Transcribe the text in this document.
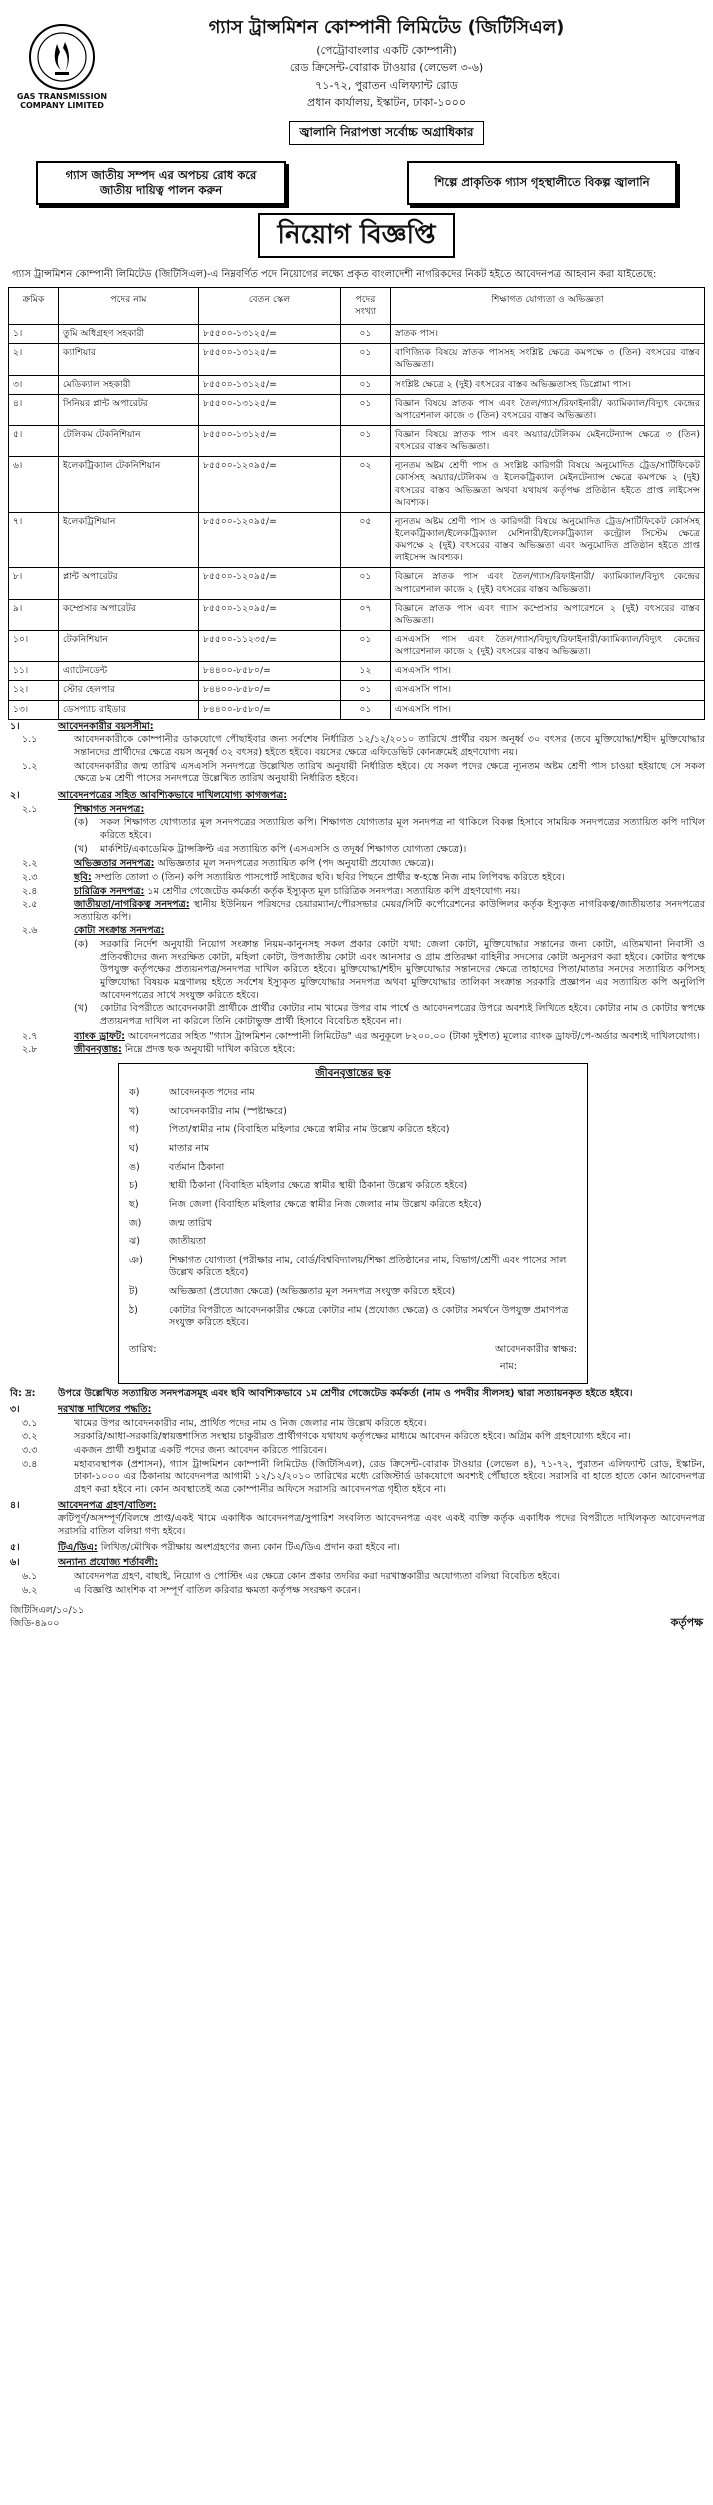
GAS TRANSMISSION COMPANY LIMITED
গ্যাস ট্রান্সমিশন কোম্পানী লিমিটেড (জিটিসিএল)
(পেট্রোবাংলার একটি কোম্পানী)
রেড ক্রিসেন্ট-বোরাক টাওয়ার (লেভেল ৩-৬)
৭১-৭২, পুরাতন এলিফ্যান্ট রোড
প্রধান কার্যালয়, ইস্কাটন, ঢাকা-১০০০
জ্বালানি নিরাপত্তা সর্বোচ্চ অগ্রাধিকার
গ্যাস জাতীয় সম্পদ এর অপচয় রোধ করে জাতীয় দায়িত্ব পালন করুন
শিল্পে প্রাকৃতিক গ্যাস গৃহস্থালীতে বিকল্প জ্বালানি
নিয়োগ বিজ্ঞপ্তি
গ্যাস ট্রান্সমিশন কোম্পানী লিমিটেড (জিটিসিএল)-এ নিম্নবর্ণিত পদে নিয়োগের লক্ষ্যে প্রকৃত বাংলাদেশী নাগরিকদের নিকট হইতে আবেদনপত্র আহবান করা যাইতেছে:
ক্রমিক	পদের নাম	বেতন স্কেল	পদের সংখ্যা	শিক্ষাগত যোগ্যতা ও অভিজ্ঞতা
১।	তুমি অধিগ্রহণ সহকারী	৮৫৫০০-১৩১২৫/=	০১	স্নাতক পাস।
২।	ক্যাশিয়ার	৮৫৫০০-১৩১২৫/=	০১	বাণিজ্যিক বিষয়ে স্নাতক পাসসহ সংশ্লিষ্ট ক্ষেত্রে কমপক্ষে ৩ (তিন) বৎসরের বাস্তব অভিজ্ঞতা।
৩।	মেডিক্যাল সহকারী	৮৫৫০০-১৩১২৫/=	০১	সংশ্লিষ্ট ক্ষেত্রে ২ (দুই) বৎসরের বাস্তব অভিজ্ঞতাসহ ডিপ্লোমা পাস।
৪।	সিনিয়র প্লান্ট অপারেটর	৮৫৫০০-১৩১২৫/=	০১	বিজ্ঞান বিষয়ে স্নাতক পাস এবং তৈল/গ্যাস/রিফাইনারী/ ক্যামিক্যাল/বিদ্যুৎ কেন্দ্রের অপারেশনাল কাজে ৩ (তিন) বৎসরের বাস্তব অভিজ্ঞতা।
৫।	টেলিকম টেকনিশিয়ান	৮৫৫০০-১৩১২৫/=	০১	বিজ্ঞান বিষয়ে স্নাতক পাস এবং অয়্যার/টেলিকম মেইনটেন্যান্স ক্ষেত্রে ৩ (তিন) বৎসরের বাস্তব অভিজ্ঞতা।
৬।	ইলেকট্রিক্যাল টেকনিশিয়ান	৮৫৫০০-১২০৯৫/=	০২	ন্যূনতম অষ্টম শ্রেণী পাস ও সংশ্লিষ্ট কারিগরী বিষয়ে অনুমোদিত ট্রেড/সার্টিফিকেট কোর্সসহ অয়্যার/টেলিকম ও ইলেকট্রিক্যাল মেইনটেন্যান্স ক্ষেত্রে কমপক্ষে ২ (দুই) বৎসরের বাস্তব অভিজ্ঞতা অথবা যথাযথ কর্তৃপক্ষ প্রতিষ্ঠান হইতে প্রাপ্ত লাইসেন্স আবশ্যক।
৭।	ইলেকট্রিশিয়ান	৮৫৫০০-১২০৯৫/=	০৫	ন্যূনতম অষ্টম শ্রেণী পাস ও কারিগরী বিষয়ে অনুমোদিত ট্রেড/সার্টিফিকেট কোর্সসহ ইলেকট্রিক্যাল/ইলেকট্রিক্যাল মেশিনারী/ইলেকট্রিক্যাল কন্ট্রোল সিস্টেম ক্ষেত্রে কমপক্ষে ২ (দুই) বৎসরের বাস্তব অভিজ্ঞতা এবং অনুমোদিত প্রতিষ্ঠান হইতে প্রাপ্ত লাইসেন্স আবশ্যক।
৮।	প্লান্ট অপারেটর	৮৫৫০০-১২০৯৫/=	০১	বিজ্ঞানে স্নাতক পাস এবং তৈল/গ্যাস/রিফাইনারী/ ক্যামিক্যাল/বিদ্যুৎ কেন্দ্রের অপারেশনাল কাজে ২ (দুই) বৎসরের বাস্তব অভিজ্ঞতা।
৯।	কম্প্রেসার অপারেটর	৮৫৫০০-১২০৯৫/=	০৭	বিজ্ঞানে স্নাতক পাস এবং গ্যাস কম্প্রেসার অপারেশনে ২ (দুই) বৎসরের বাস্তব অভিজ্ঞতা।
১০।	টেকনিশিয়ান	৮৫৫০০-১১২৩৫/=	০১	এসএসসি পাস এবং তৈল/গ্যাস/বিদ্যুৎ/রিফাইনারী/ক্যামিক্যাল/বিদ্যুৎ কেন্দ্রের অপারেশনাল কাজে ২ (দুই) বৎসরের বাস্তব অভিজ্ঞতা।
১১।	এ্যাটেনডেন্ট	৮৪৪০০-৮৫৮০/=	১২	এসএসসি পাস।
১২।	স্টোর হেলপার	৮৪৪০০-৮৫৮০/=	০১	এসএসসি পাস।
১৩।	ডেসপ্যাচ রাইডার	৮৪৪০০-৮৫৮০/=	০১	এসএসসি পাস।
১।	আবেদনকারীর বয়সসীমা:
১.১	আবেদনকারীকে কোম্পানীর ডাকযোগে পৌছাইবার জন্য সর্বশেষ নির্ধারিত ১২/১২/২০১০ তারিখে প্রার্থীর বয়স অনূর্ধ্ব ৩০ বৎসর (তবে মুক্তিযোদ্ধা/শহীদ মুক্তিযোদ্ধার সন্তানদের প্রার্থীদের ক্ষেত্রে বয়স অনূর্ধ্ব ৩২ বৎসর) হইতে হইবে। বয়সের ক্ষেত্রে এফিডেভিট কোনক্রমেই গ্রহণযোগ্য নয়।
১.২	আবেদনকারীর জন্ম তারিখ এসএসসি সনদপত্রে উল্লেখিত তারিখ অনুযায়ী নির্ধারিত হইবে। যে সকল পদের ক্ষেত্রে ন্যূনতম অষ্টম শ্রেণী পাস চাওয়া হইয়াছে সে সকল ক্ষেত্রে ৮ম শ্রেণী পাসের সনদপত্রে উল্লেখিত তারিখ অনুযায়ী নির্ধারিত হইবে।
২।	আবেদনপত্রের সহিত আবশ্যিকভাবে দাখিলযোগ্য কাগজপত্র:
২.১	শিক্ষাগত সনদপত্র:
(ক)	সকল শিক্ষাগত যোগ্যতার মূল সনদপত্রের সত্যায়িত কপি। শিক্ষাগত যোগ্যতার মূল সনদপত্র না থাকিলে বিকল্প হিসাবে সাময়িক সনদপত্রের সত্যায়িত কপি দাখিল করিতে হইবে।
(খ)	মার্কশিট/একাডেমিক ট্রান্সক্রিপ্ট এর সত্যায়িত কপি (এসএসসি ও তদূর্ধ্ব শিক্ষাগত যোগ্যতা ক্ষেত্রে)।
২.২	অভিজ্ঞতার সনদপত্র: অভিজ্ঞতার মূল সনদপত্রের সত্যায়িত কপি (পদ অনুযায়ী প্রযোজ্য ক্ষেত্রে)।
২.৩	ছবি: সম্প্রতি তোলা ৩ (তিন) কপি সত্যায়িত পাসপোর্ট সাইজের ছবি। ছবির পিছনে প্রার্থীর স্ব-হস্তে নিজ নাম লিপিবদ্ধ করিতে হইবে।
২.৪	চারিত্রিক সনদপত্র: ১ম শ্রেণীর গেজেটেড কর্মকর্তা কর্তৃক ইস্যুকৃত মূল চারিত্রিক সনদপত্র। সত্যায়িত কপি গ্রহণযোগ্য নয়।
২.৫	জাতীয়তা/নাগরিকত্ব সনদপত্র: স্থানীয় ইউনিয়ন পরিষদের চেয়ারম্যান/পৌরসভার মেয়র/সিটি কর্পোরেশনের কাউন্সিলর কর্তৃক ইস্যুকৃত নাগরিকত্ব/জাতীয়তার সনদপত্রের সত্যায়িত কপি।
২.৬	কোটা সংক্রান্ত সনদপত্র:
(ক)	সরকারি নির্দেশ অনুযায়ী নিয়োগ সংক্রান্ত নিয়ম-কানুনসহ সকল প্রকার কোটা যথা: জেলা কোটা, মুক্তিযোদ্ধার সন্তানের জন্য কোটা, এতিমখানা নিবাসী ও প্রতিবন্ধীদের জন্য সংরক্ষিত কোটা, মহিলা কোটা, উপজাতীয় কোটা এবং আনসার ও গ্রাম প্রতিরক্ষা বাহিনীর সদস্যের কোটা অনুসরণ করা হইবে। কোটার স্বপক্ষে উপযুক্ত কর্তৃপক্ষের প্রত্যয়নপত্র/সনদপত্র দাখিল করিতে হইবে। মুক্তিযোদ্ধা/শহীদ মুক্তিযোদ্ধার সন্তানদের ক্ষেত্রে তাহাদের পিতা/মাতার সনদের সত্যায়িত কপিসহ মুক্তিযোদ্ধা বিষয়ক মন্ত্রণালয় হইতে সর্বশেষ ইস্যুকৃত মুক্তিযোদ্ধার সনদপত্র অথবা মুক্তিযোদ্ধার তালিকা সংক্রান্ত সরকারি প্রজ্ঞাপন এর সত্যায়িত কপি অনুলিপি আবেদনপত্রের সাথে সংযুক্ত করিতে হইবে।
(খ)	কোটার বিপরীতে আবেদনকারী প্রার্থীকে প্রার্থীর কোটার নাম খামের উপর বাম পার্শ্বে ও আবেদনপত্রের উপরে অবশ্যই লিখিতে হইবে। কোটার নাম ও কোটার স্বপক্ষে প্রত্যয়নপত্র দাখিল না করিলে তিনি কোটাভুক্ত প্রার্থী হিসাবে বিবেচিত হইবেন না।
২.৭	ব্যাংক ড্রাফট: আবেদনপত্রের সহিত "গ্যাস ট্রান্সমিশন কোম্পানী লিমিটেড" এর অনুকূলে ৮২০০.০০ (টাকা দুইশত) মূল্যের ব্যাংক ড্রাফট/পে-অর্ডার অবশ্যই দাখিলযোগ্য।
২.৮	জীবনবৃত্তান্ত: নিম্নে প্রদত্ত ছক অনুযায়ী দাখিল করিতে হইবে:
জীবনবৃত্তান্তের ছক
ক)	আবেদনকৃত পদের নাম
খ)	আবেদনকারীর নাম (স্পষ্টাক্ষরে)
গ)	পিতা/স্বামীর নাম (বিবাহিত মহিলার ক্ষেত্রে স্বামীর নাম উল্লেখ করিতে হইবে)
ঘ)	মাতার নাম
ঙ)	বর্তমান ঠিকানা
চ)	স্থায়ী ঠিকানা (বিবাহিত মহিলার ক্ষেত্রে স্বামীর স্থায়ী ঠিকানা উল্লেখ করিতে হইবে)
ছ)	নিজ জেলা (বিবাহিত মহিলার ক্ষেত্রে স্বামীর নিজ জেলার নাম উল্লেখ করিতে হইবে)
জ)	জন্ম তারিখ
ঝ)	জাতীয়তা
ঞ)	শিক্ষাগত যোগ্যতা (পরীক্ষার নাম, বোর্ড/বিশ্ববিদ্যালয়/শিক্ষা প্রতিষ্ঠানের নাম, বিভাগ/শ্রেণী এবং পাসের সাল উল্লেখ করিতে হইবে)
ট)	অভিজ্ঞতা (প্রযোজ্য ক্ষেত্রে) (অভিজ্ঞতার মূল সনদপত্র সংযুক্ত করিতে হইবে)
ঠ)	কোটার বিপরীতে আবেদনকারীর ক্ষেত্রে কোটার নাম (প্রযোজ্য ক্ষেত্রে) ও কোটার সমর্থনে উপযুক্ত প্রমাণপত্র সংযুক্ত করিতে হইবে।
তারিখ:	আবেদনকারীর স্বাক্ষর:
নাম:
বি: দ্র:	উপরে উল্লেখিত সত্যায়িত সনদপত্রসমূহ এবং ছবি আবশ্যিকভাবে ১ম শ্রেণীর গেজেটেড কর্মকর্তা (নাম ও পদবীর সীলসহ) দ্বারা সত্যায়নকৃত হইতে হইবে।
৩।	দরখাস্ত দাখিলের পদ্ধতি:
৩.১	খামের উপর আবেদনকারীর নাম, প্রার্থিত পদের নাম ও নিজ জেলার নাম উল্লেখ করিতে হইবে।
৩.২	সরকারি/আধা-সরকারি/স্বায়ত্তশাসিত সংস্থায় চাকুরীরত প্রার্থীগণকে যথাযথ কর্তৃপক্ষের মাধ্যমে আবেদন করিতে হইবে। অগ্রিম কপি গ্রহণযোগ্য হইবে না।
৩.৩	একজন প্রার্থী শুধুমাত্র একটি পদের জন্য আবেদন করিতে পারিবেন।
৩.৪	মহাব্যবস্থাপক (প্রশাসন), গ্যাস ট্রান্সমিশন কোম্পানী লিমিটেড (জিটিসিএল), রেড ক্রিসেন্ট-বোরাক টাওয়ার (লেভেল ৪), ৭১-৭২, পুরাতন এলিফ্যান্ট রোড, ইস্কাটন, ঢাকা-১০০০ এর ঠিকানায় আবেদনপত্র আগামী ১২/১২/২০১০ তারিখের মধ্যে রেজিস্টার্ড ডাকযোগে অবশ্যই পৌঁছাতে হইবে। সরাসরি বা হাতে হাতে কোন আবেদনপত্র গ্রহণ করা হইবে না। কোন অবস্থাতেই অত্র কোম্পানীর অফিসে সরাসরি আবেদনপত্র গৃহীত হইবে না।
৪।	আবেদনপত্র গ্রহণ/বাতিল:
ক্রটিপূর্ণ/অসম্পূর্ণ/বিলম্বে প্রাপ্ত/একই খামে একাধিক আবেদনপত্র/সুপারিশ সংবলিত আবেদনপত্র এবং একই ব্যক্তি কর্তৃক একাধিক পদের বিপরীতে দাখিলকৃত আবেদনপত্র সরাসরি বাতিল বলিয়া গণ্য হইবে।
৫।	টিএ/ডিএ: লিখিত/মৌখিক পরীক্ষায় অংশগ্রহণের জন্য কোন টিএ/ডিএ প্রদান করা হইবে না।
৬।	অন্যান্য প্রযোজ্য শর্তাবলী:
৬.১	আবেদনপত্র গ্রহণ, বাছাই, নিয়োগ ও পোস্টিং এর ক্ষেত্রে কোন প্রকার তদবির করা দরখাস্তকারীর অযোগ্যতা বলিয়া বিবেচিত হইবে।
৬.২	এ বিজ্ঞপ্তি আংশিক বা সম্পূর্ণ বাতিল করিবার ক্ষমতা কর্তৃপক্ষ সংরক্ষণ করেন।
জিটিসিএল/১০/১১
জিডি-৪৯০০	কর্তৃপক্ষ
